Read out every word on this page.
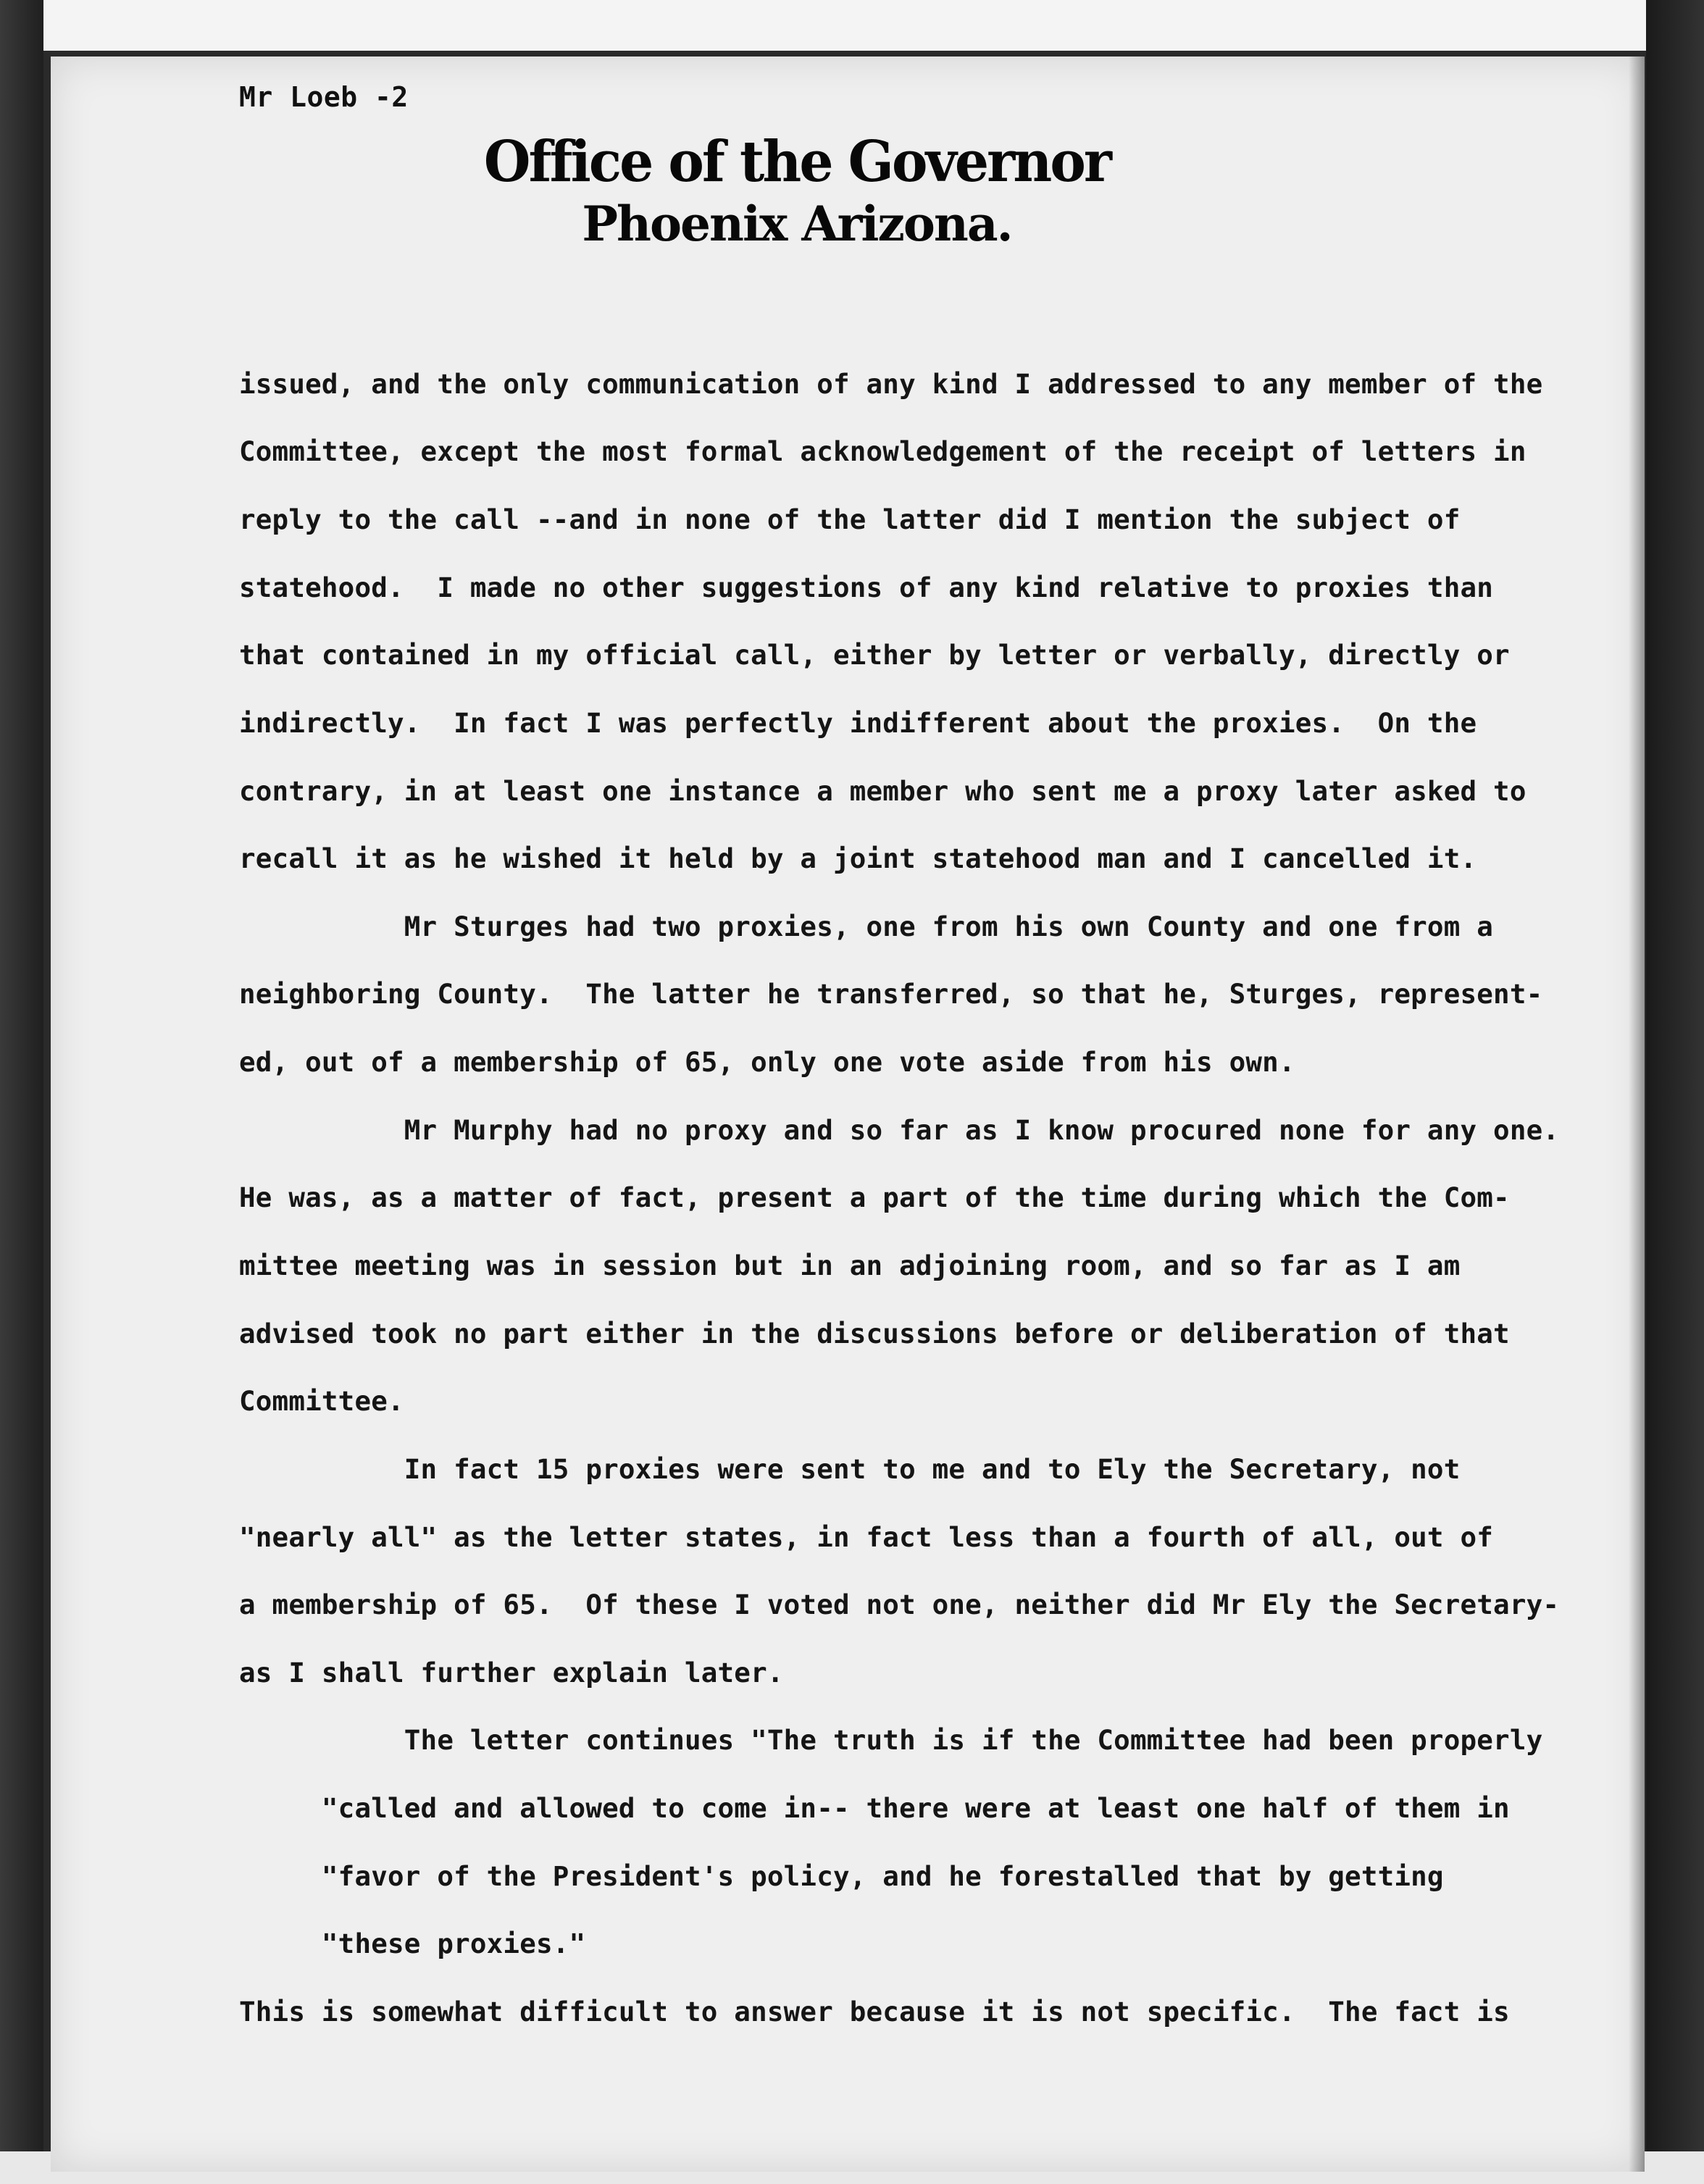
Mr Loeb -2
Office of the Governor
Phoenix Arizona.
issued, and the only communication of any kind I addressed to any member of the
Committee, except the most formal acknowledgement of the receipt of letters in
reply to the call --and in none of the latter did I mention the subject of
statehood.  I made no other suggestions of any kind relative to proxies than
that contained in my official call, either by letter or verbally, directly or
indirectly.  In fact I was perfectly indifferent about the proxies.  On the
contrary, in at least one instance a member who sent me a proxy later asked to
recall it as he wished it held by a joint statehood man and I cancelled it.
Mr Sturges had two proxies, one from his own County and one from a
neighboring County.  The latter he transferred, so that he, Sturges, represent-
ed, out of a membership of 65, only one vote aside from his own.
Mr Murphy had no proxy and so far as I know procured none for any one.
He was, as a matter of fact, present a part of the time during which the Com-
mittee meeting was in session but in an adjoining room, and so far as I am
advised took no part either in the discussions before or deliberation of that
Committee.
In fact 15 proxies were sent to me and to Ely the Secretary, not
"nearly all" as the letter states, in fact less than a fourth of all, out of
a membership of 65.  Of these I voted not one, neither did Mr Ely the Secretary-
as I shall further explain later.
The letter continues "The truth is if the Committee had been properly
"called and allowed to come in-- there were at least one half of them in
"favor of the President's policy, and he forestalled that by getting
"these proxies."
This is somewhat difficult to answer because it is not specific.  The fact is
